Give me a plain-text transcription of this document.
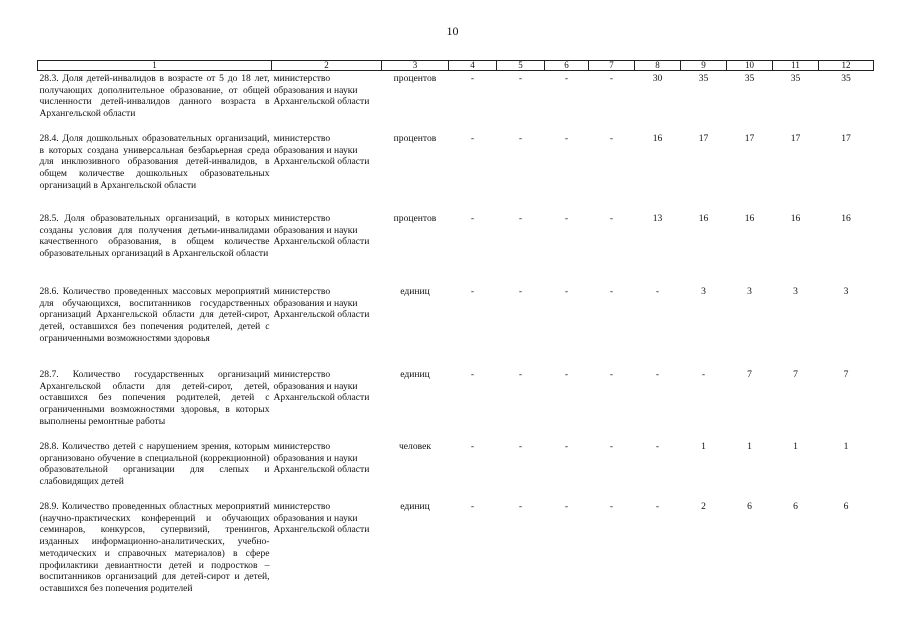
10
1	2	3	4	5	6	7	8	9	10	11	12
28.3. Доля детей-инвалидов в возрасте от 5 до 18 лет, получающих дополнительное образование, от общей численности детей-инвалидов данного возраста в Архангельской области	министерство образования и науки Архангельской области	процентов	-	-	-	-	30	35	35	35	35
28.4. Доля дошкольных образовательных организаций, в которых создана универсальная безбарьерная среда для инклюзивного образования детей-инвалидов, в общем количестве дошкольных образовательных организаций в Архангельской области	министерство образования и науки Архангельской области	процентов	-	-	-	-	16	17	17	17	17
28.5. Доля образовательных организаций, в которых созданы условия для получения детьми-инвалидами качественного образования, в общем количестве образовательных организаций в Архангельской области	министерство образования и науки Архангельской области	процентов	-	-	-	-	13	16	16	16	16
28.6. Количество проведенных массовых мероприятий для обучающихся, воспитанников государственных организаций Архангельской области для детей-сирот, детей, оставшихся без попечения родителей, детей с ограниченными возможностями здоровья	министерство образования и науки Архангельской области	единиц	-	-	-	-	-	3	3	3	3
28.7. Количество государственных организаций Архангельской области для детей-сирот, детей, оставшихся без попечения родителей, детей с ограниченными возможностями здоровья, в которых выполнены ремонтные работы	министерство образования и науки Архангельской области	единиц	-	-	-	-	-	-	7	7	7
28.8. Количество детей с нарушением зрения, которым организовано обучение в специальной (коррекционной) образовательной организации для слепых и слабовидящих детей	министерство образования и науки Архангельской области	человек	-	-	-	-	-	1	1	1	1
28.9. Количество проведенных областных мероприятий (научно-практических конференций и обучающих семинаров, конкурсов, супервизий, тренингов, изданных информационно-аналитических, учебно-методических и справочных материалов) в сфере профилактики девиантности детей и подростков – воспитанников организаций для детей-сирот и детей, оставшихся без попечения родителей	министерство образования и науки Архангельской области	единиц	-	-	-	-	-	2	6	6	6
